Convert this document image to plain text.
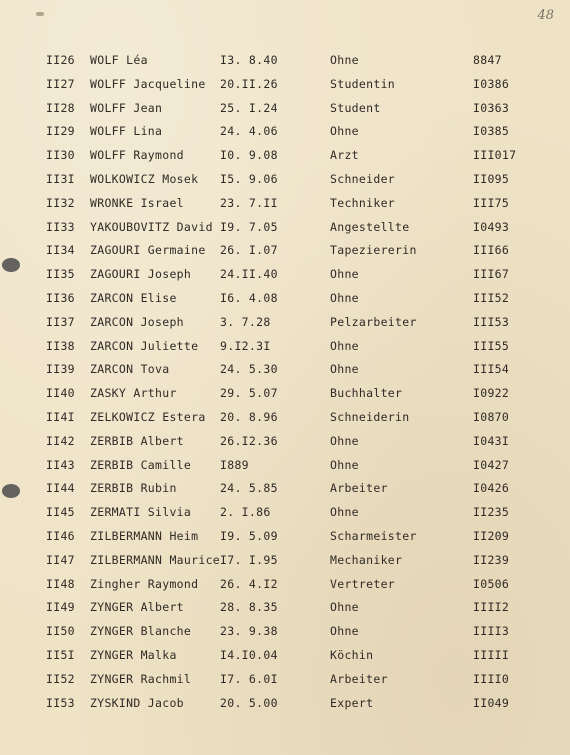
48
II26 WOLF Léa	I3. 8.40	Ohne	8847
II27 WOLFF Jacqueline 20.II.26	Studentin	I0386
II28 WOLFF Jean	25. I.24	Student	I0363
II29 WOLFF Lina	24. 4.06	Ohne	I0385
II30 WOLFF Raymond	I0. 9.08	Arzt	III017
II3I WOLKOWICZ Mosek I5. 9.06	Schneider	II095
II32 WRONKE Israel	23. 7.II	Techniker	III75
II33 YAKOUBOVITZ David I9. 7.05	Angestellte	I0493
II34 ZAGOURI Germaine 26. I.07	Tapeziererin	III66
II35 ZAGOURI Joseph	24.II.40	Ohne	III67
II36 ZARCON Elise	I6. 4.08	Ohne	III52
II37 ZARCON Joseph	3. 7.28	Pelzarbeiter	III53
II38 ZARCON Juliette 9.I2.3I	Ohne	III55
II39 ZARCON Tova	24. 5.30	Ohne	III54
II40 ZASKY Arthur	29. 5.07	Buchhalter	I0922
II4I ZELKOWICZ Estera 20. 8.96	Schneiderin	I0870
II42 ZERBIB Albert	26.I2.36	Ohne	I043I
II43 ZERBIB Camille	I889	Ohne	I0427
II44 ZERBIB Rubin	24. 5.85	Arbeiter	I0426
II45 ZERMATI Silvia	2. I.86	Ohne	II235
II46 ZILBERMANN Heim I9. 5.09	Scharmeister	II209
II47 ZILBERMANN Maurice I7. I.95	Mechaniker	II239
II48 Zingher Raymond 26. 4.I2	Vertreter	I0506
II49 ZYNGER Albert	28. 8.35	Ohne	IIII2
II50 ZYNGER Blanche	23. 9.38	Ohne	IIII3
II5I ZYNGER Malka	I4.I0.04	Köchin	IIIII
II52 ZYNGER Rachmil	I7. 6.0I	Arbeiter	IIII0
II53 ZYSKIND Jacob	20. 5.00	Expert	II049
